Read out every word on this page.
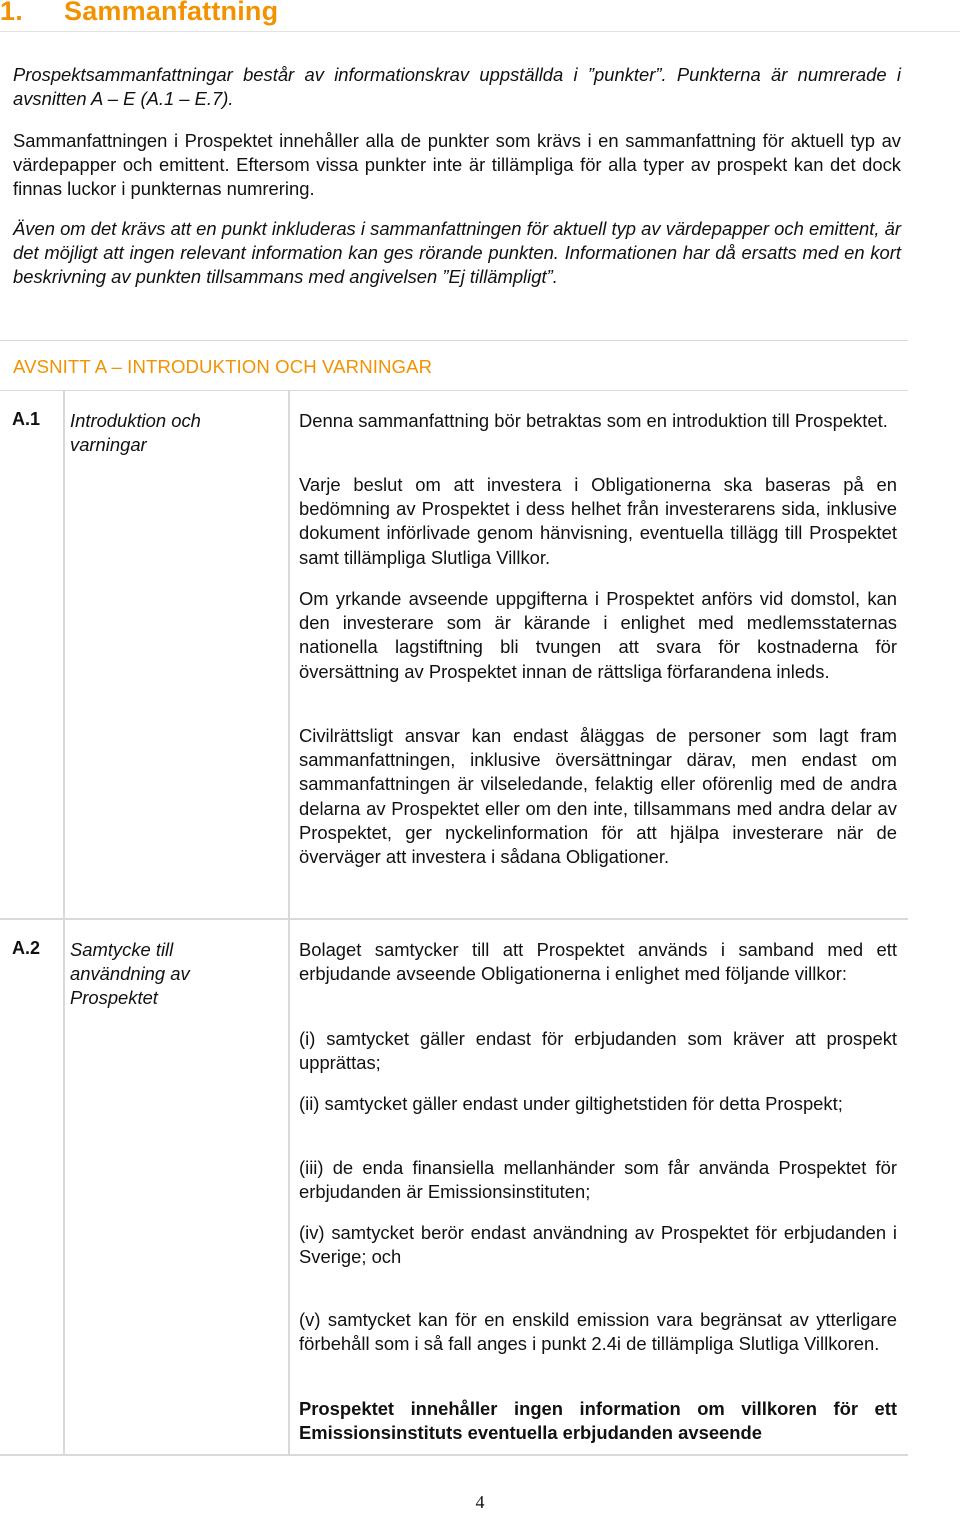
1. Sammanfattning

Prospektsammanfattningar består av informationskrav uppställda i ”punkter”. Punkterna är numrerade i avsnitten A – E (A.1 – E.7).

Sammanfattningen i Prospektet innehåller alla de punkter som krävs i en sammanfattning för aktuell typ av värdepapper och emittent. Eftersom vissa punkter inte är tillämpliga för alla typer av prospekt kan det dock finnas luckor i punkternas numrering.

Även om det krävs att en punkt inkluderas i sammanfattningen för aktuell typ av värdepapper och emittent, är det möjligt att ingen relevant information kan ges rörande punkten. Informationen har då ersatts med en kort beskrivning av punkten tillsammans med angivelsen ”Ej tillämpligt”.

AVSNITT A – INTRODUKTION OCH VARNINGAR
A.1 Introduktion och varningar

Denna sammanfattning bör betraktas som en introduktion till Prospektet.

Varje beslut om att investera i Obligationerna ska baseras på en bedömning av Prospektet i dess helhet från investerarens sida, inklusive dokument införlivade genom hänvisning, eventuella tillägg till Prospektet samt tillämpliga Slutliga Villkor.

Om yrkande avseende uppgifterna i Prospektet anförs vid domstol, kan den investerare som är kärande i enlighet med medlemsstaternas nationella lagstiftning bli tvungen att svara för kostnaderna för översättning av Prospektet innan de rättsliga förfarandena inleds.

Civilrättsligt ansvar kan endast åläggas de personer som lagt fram sammanfattningen, inklusive översättningar därav, men endast om sammanfattningen är vilseledande, felaktig eller oförenlig med de andra delarna av Prospektet eller om den inte, tillsammans med andra delar av Prospektet, ger nyckelinformation för att hjälpa investerare när de överväger att investera i sådana Obligationer.

A.2 Samtycke till användning av Prospektet

Bolaget samtycker till att Prospektet används i samband med ett erbjudande avseende Obligationerna i enlighet med följande villkor:

(i) samtycket gäller endast för erbjudanden som kräver att prospekt upprättas;

(ii) samtycket gäller endast under giltighetstiden för detta Prospekt;

(iii) de enda finansiella mellanhänder som får använda Prospektet för erbjudanden är Emissionsinstituten;

(iv) samtycket berör endast användning av Prospektet för erbjudanden i Sverige; och

(v) samtycket kan för en enskild emission vara begränsat av ytterligare förbehåll som i så fall anges i punkt 2.4i de tillämpliga Slutliga Villkoren.

Prospektet innehåller ingen information om villkoren för ett Emissionsinstituts eventuella erbjudanden avseende

4
